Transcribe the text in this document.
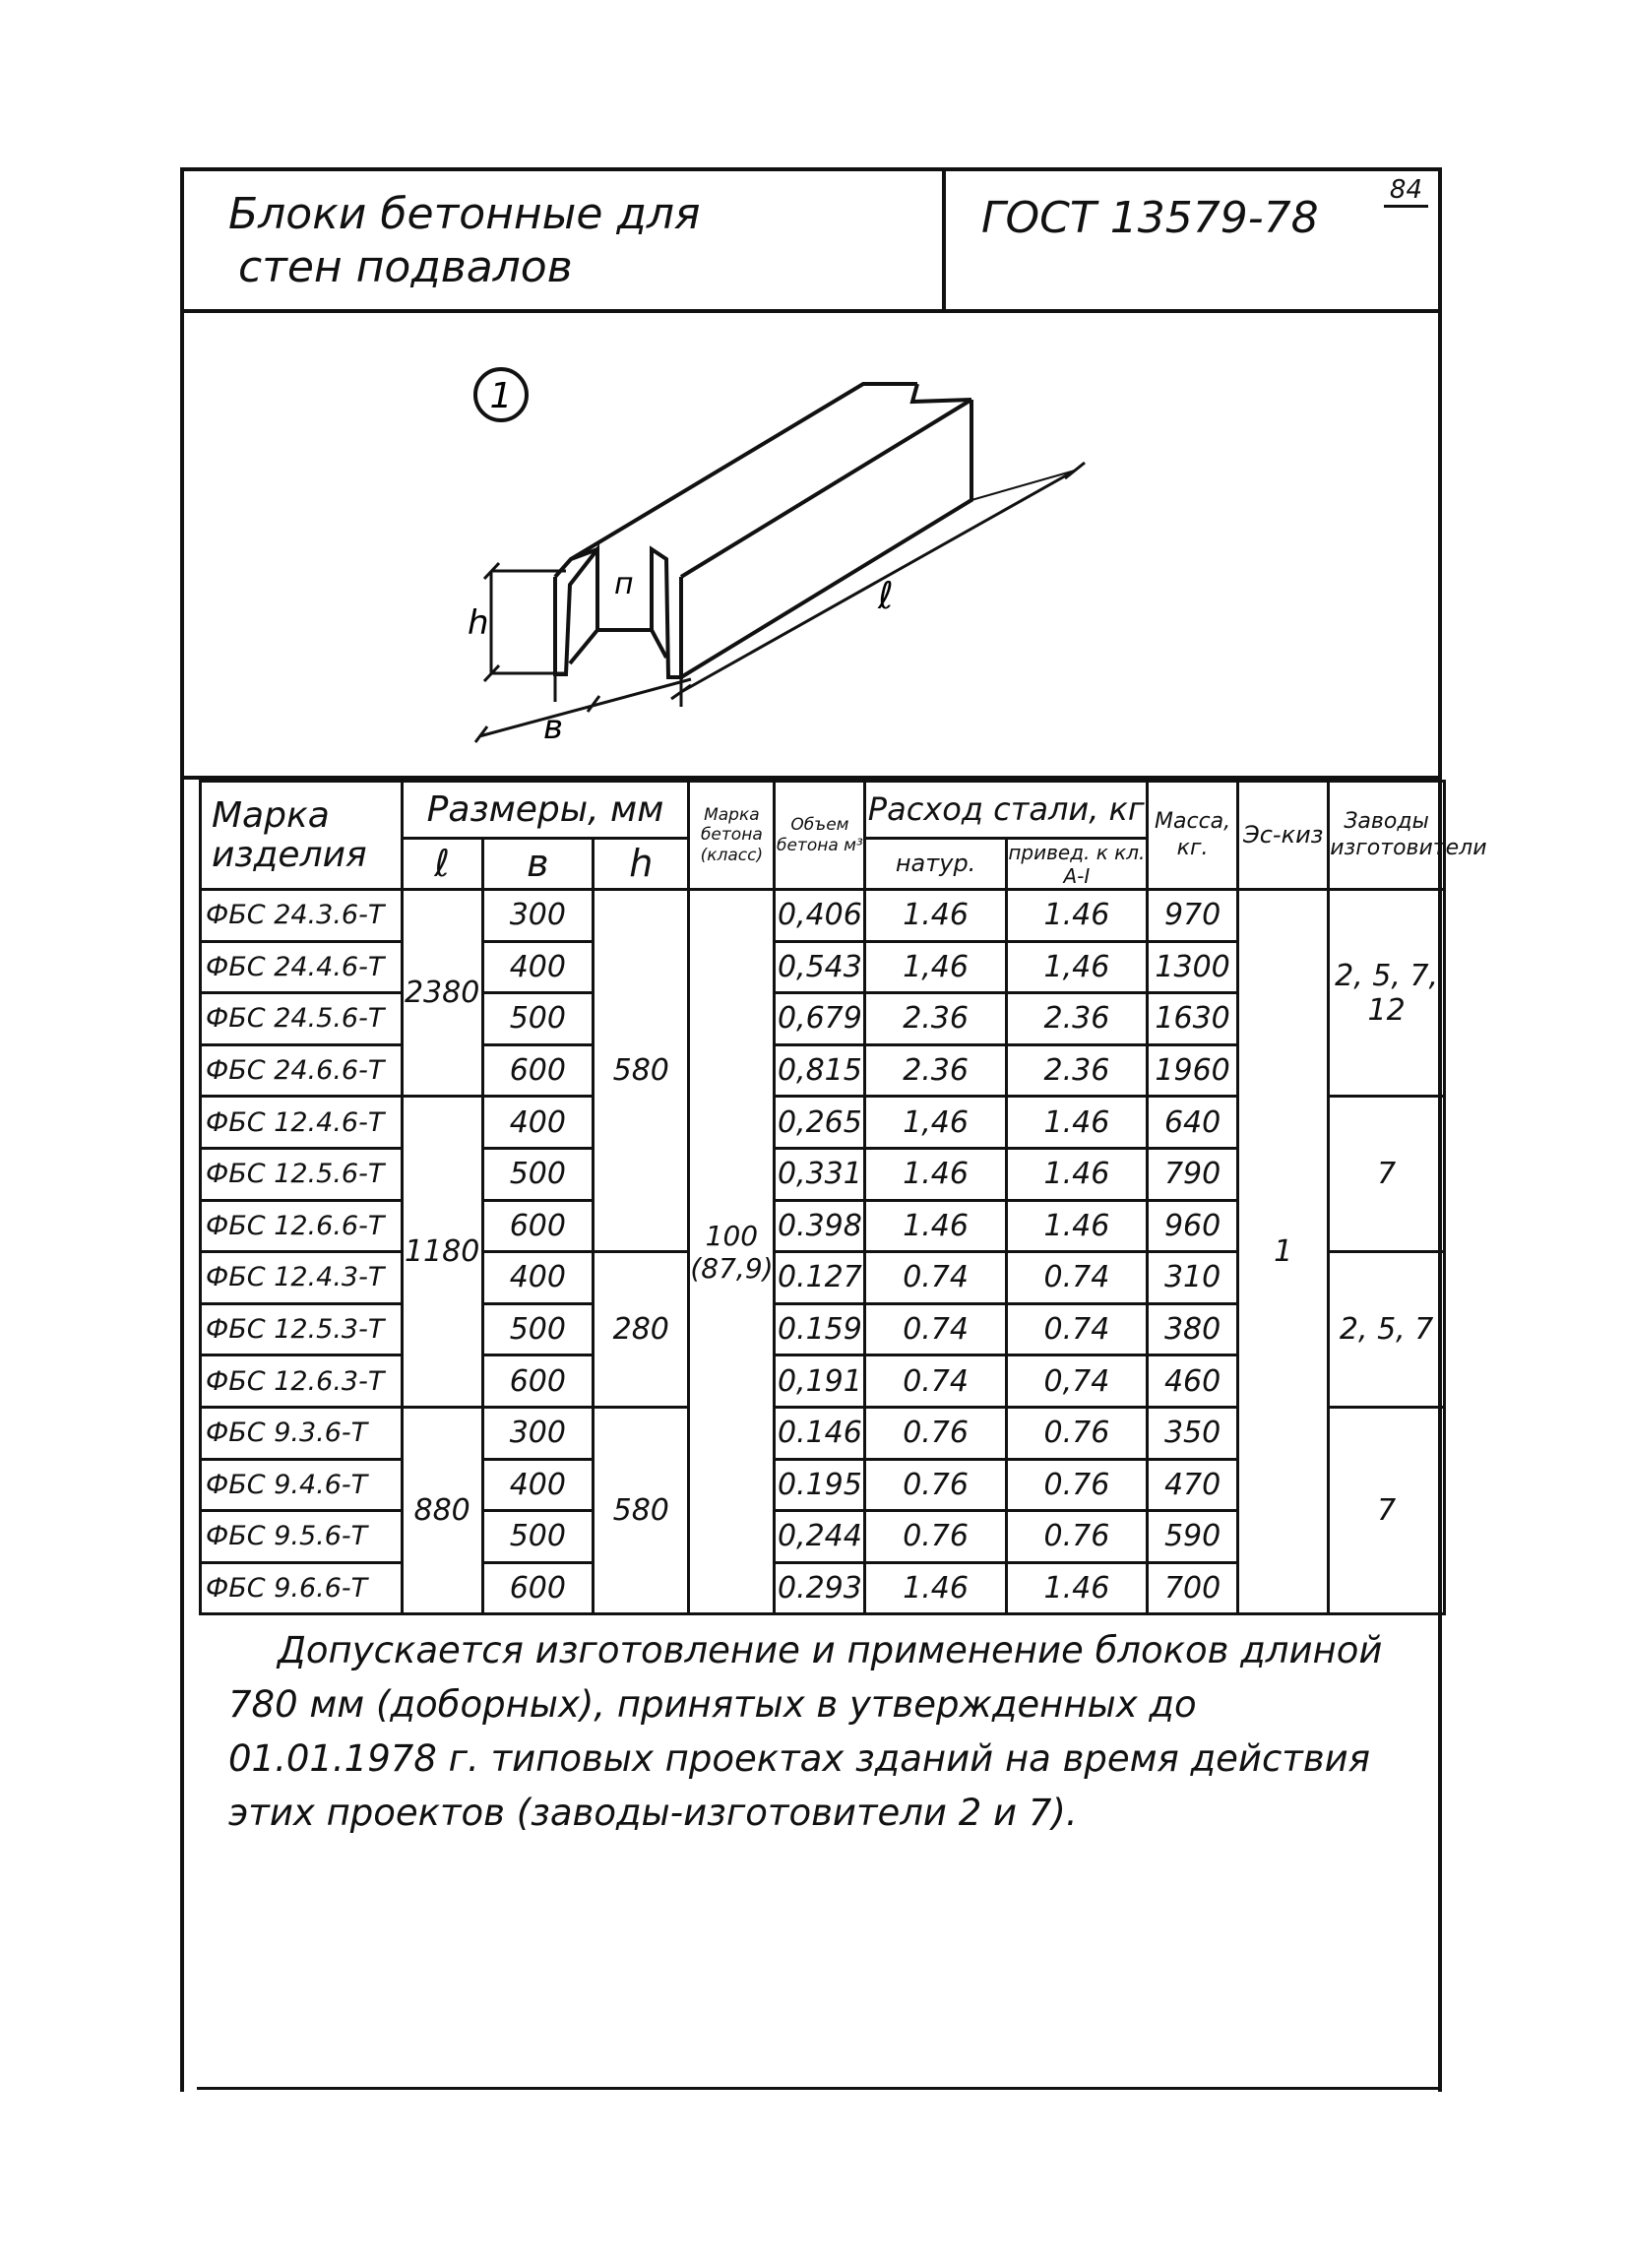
Блоки бетонные для
стен подвалов
ГОСТ 13579-78
84
1
h
в
ℓ
п
Марка изделия	Размеры, мм			Марка бетона (класс)	Объем бетона м³	Расход стали, кг		Масса, кг.	Эс-киз	Заводы изготовители
	ℓ	в	h			натур.	привед. к кл. А-I			
ФБС 24.3.6-Т	2380	300	580	100 (87,9)	0,406	1.46	1.46	970	1	2, 5, 7, 12
ФБС 24.4.6-Т		400			0,543	1,46	1,46	1300		
ФБС 24.5.6-Т		500			0,679	2.36	2.36	1630		
ФБС 24.6.6-Т		600			0,815	2.36	2.36	1960		
ФБС 12.4.6-Т	1180	400			0,265	1,46	1.46	640		7
ФБС 12.5.6-Т		500			0,331	1.46	1.46	790		
ФБС 12.6.6-Т		600			0.398	1.46	1.46	960		
ФБС 12.4.3-Т		400	280		0.127	0.74	0.74	310		2, 5, 7
ФБС 12.5.3-Т		500			0.159	0.74	0.74	380		
ФБС 12.6.3-Т		600			0,191	0.74	0,74	460		
ФБС 9.3.6-Т	880	300	580		0.146	0.76	0.76	350		7
ФБС 9.4.6-Т		400			0.195	0.76	0.76	470		
ФБС 9.5.6-Т		500			0,244	0.76	0.76	590		
ФБС 9.6.6-Т		600			0.293	1.46	1.46	700		
Допускается изготовление и применение блоков длиной 780 мм (доборных), принятых в утвержденных до 01.01.1978 г. типовых проектах зданий на время действия этих проектов (заводы-изготовители 2 и 7).
